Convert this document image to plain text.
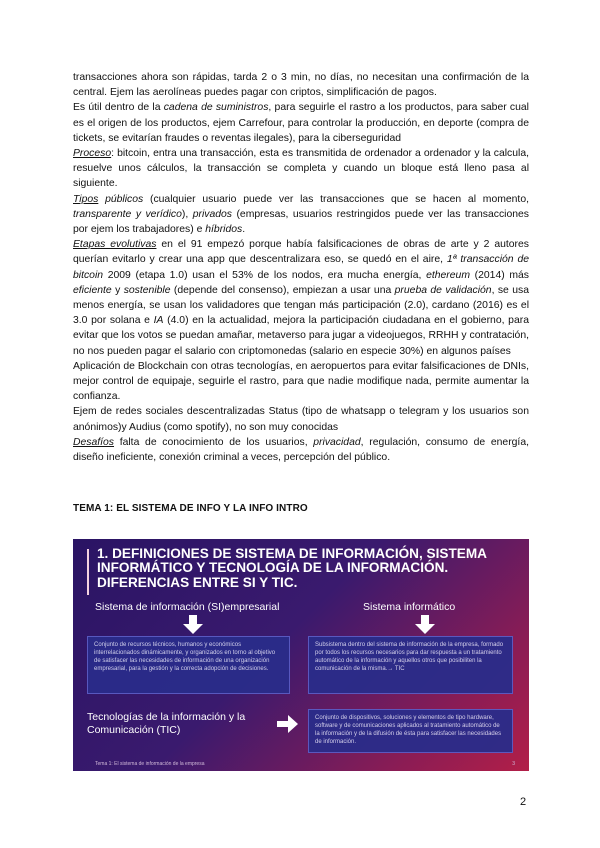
transacciones ahora son rápidas, tarda 2 o 3 min, no días, no necesitan una confirmación de la central. Ejem las aerolíneas puedes pagar con criptos, simplificación de pagos.

Es útil dentro de la cadena de suministros, para seguirle el rastro a los productos, para saber cual es el origen de los productos, ejem Carrefour, para controlar la producción, en deporte (compra de tickets, se evitarían fraudes o reventas ilegales), para la ciberseguridad

Proceso: bitcoin, entra una transacción, esta es transmitida de ordenador a ordenador y la calcula, resuelve unos cálculos, la transacción se completa y cuando un bloque está lleno pasa al siguiente.

Tipos públicos (cualquier usuario puede ver las transacciones que se hacen al momento, transparente y verídico), privados (empresas, usuarios restringidos puede ver las transacciones por ejem los trabajadores) e híbridos.

Etapas evolutivas en el 91 empezó porque había falsificaciones de obras de arte y 2 autores querían evitarlo y crear una app que descentralizara eso, se quedó en el aire, 1ª transacción de bitcoin 2009 (etapa 1.0) usan el 53% de los nodos, era mucha energía, ethereum (2014) más eficiente y sostenible (depende del consenso), empiezan a usar una prueba de validación, se usa menos energía, se usan los validadores que tengan más participación (2.0), cardano (2016) es el 3.0 por solana e IA (4.0) en la actualidad, mejora la participación ciudadana en el gobierno, para evitar que los votos se puedan amañar, metaverso para jugar a videojuegos, RRHH y contratación, no nos pueden pagar el salario con criptomonedas (salario en especie 30%) en algunos países

Aplicación de Blockchain con otras tecnologías, en aeropuertos para evitar falsificaciones de DNIs, mejor control de equipaje, seguirle el rastro, para que nadie modifique nada, permite aumentar la confianza.

Ejem de redes sociales descentralizadas Status (tipo de whatsapp o telegram y los usuarios son anónimos)y Audius (como spotify), no son muy conocidas

Desafíos falta de conocimiento de los usuarios, privacidad, regulación, consumo de energía, diseño ineficiente, conexión criminal a veces, percepción del público.

TEMA 1: EL SISTEMA DE INFO Y LA INFO INTRO
1. DEFINICIONES DE SISTEMA DE INFORMACIÓN, SISTEMA INFORMÁTICO Y TECNOLOGÍA DE LA INFORMACIÓN. DIFERENCIAS ENTRE SI Y TIC.
Sistema de información (SI)empresarial	Sistema informático
Conjunto de recursos técnicos, humanos y económicos interrelacionados dinámicamente, y organizados en torno al objetivo de satisfacer las necesidades de información de una organización empresarial, para la gestión y la correcta adopción de decisiones.
Subsistema dentro del sistema de información de la empresa, formado por todos los recursos necesarios para dar respuesta a un tratamiento automático de la información y aquellos otros que posibiliten la comunicación de la misma.→ TIC
Tecnologías de la información y la Comunicación (TIC)
Conjunto de dispositivos, soluciones y elementos de tipo hardware, software y de comunicaciones aplicados al tratamiento automático de la información y de la difusión de ésta para satisfacer las necesidades de información.
Tema 1: El sistema de información de la empresa	3
2
